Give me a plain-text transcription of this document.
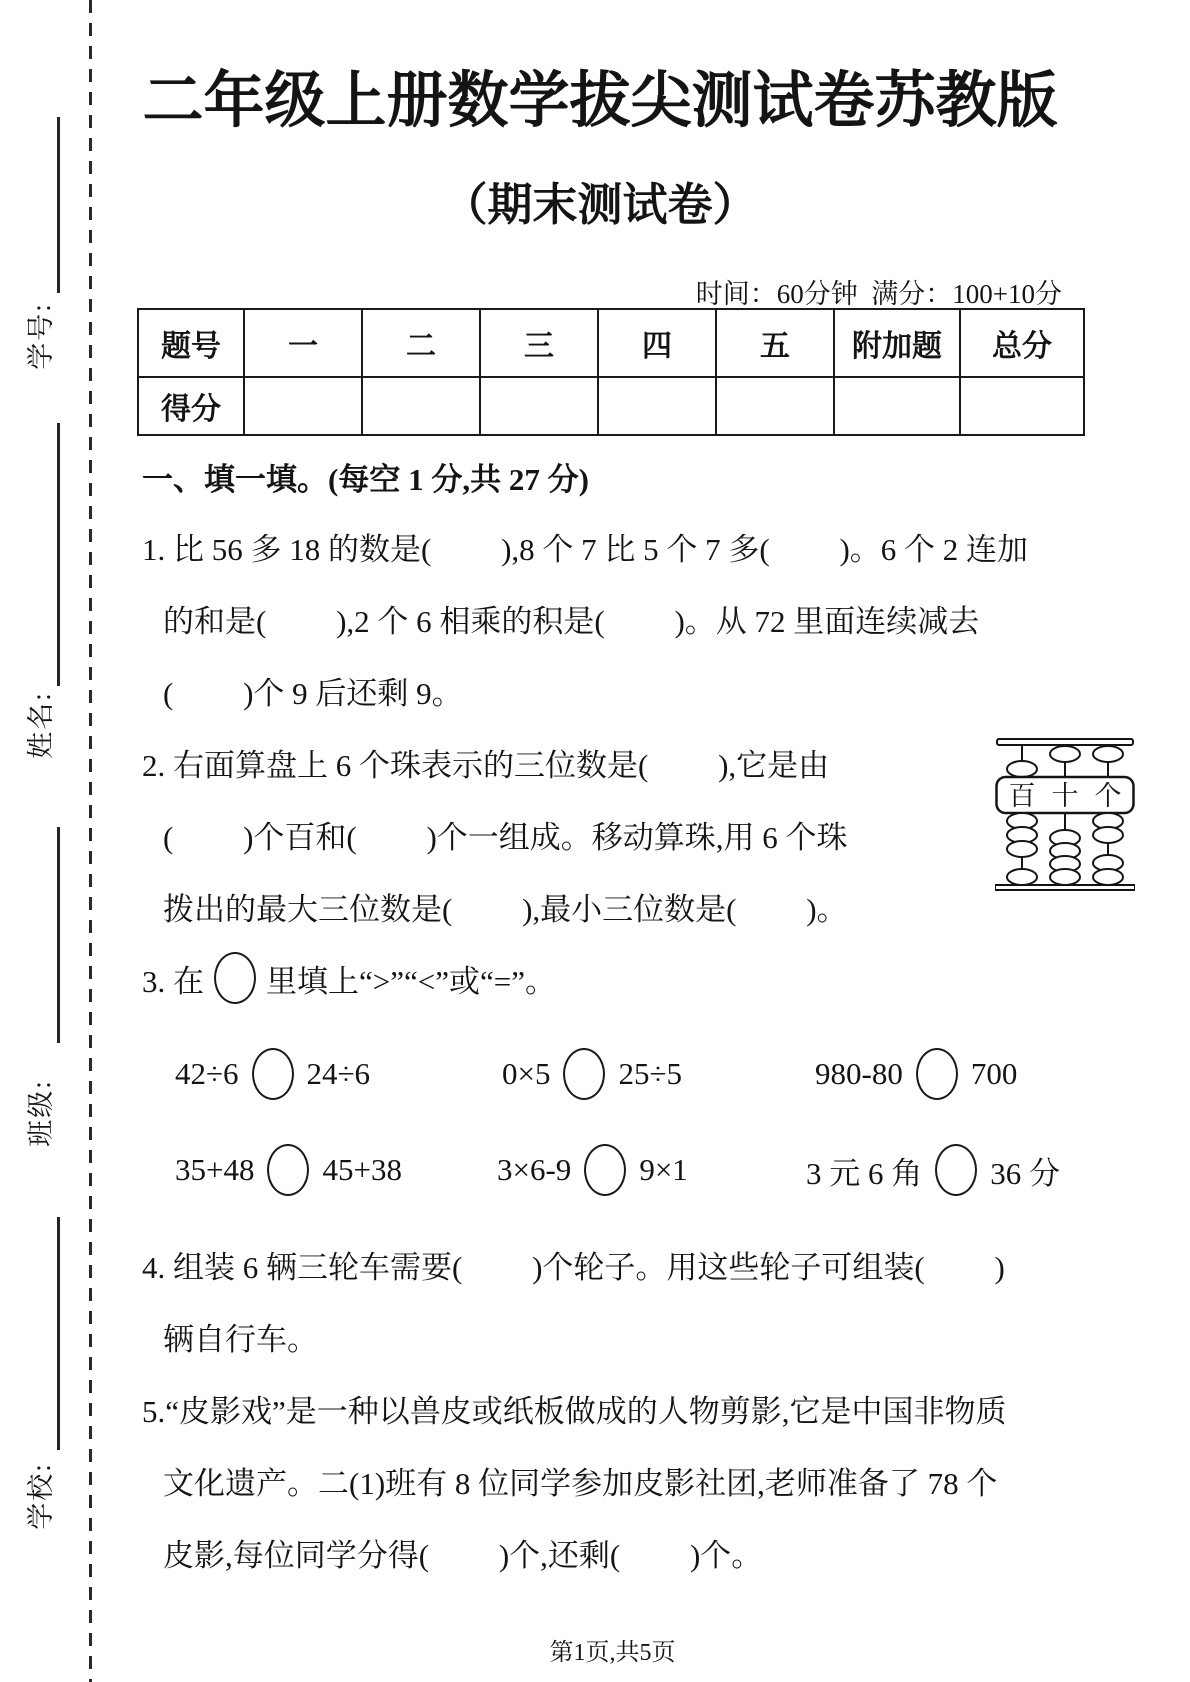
学号:
姓名:
班级:
学校:
二年级上册数学拔尖测试卷苏教版
（期末测试卷）
时间：60分钟  满分：100+10分
题号	一	二	三	四	五	附加题	总分
得分							
一、填一填。(每空 1 分,共 27 分)
1. 比 56 多 18 的数是(         ),8 个 7 比 5 个 7 多(         )。6 个 2 连加
的和是(         ),2 个 6 相乘的积是(         )。从 72 里面连续减去
(         )个 9 后还剩 9。
2. 右面算盘上 6 个珠表示的三位数是(         ),它是由
(         )个百和(         )个一组成。移动算珠,用 6 个珠
拨出的最大三位数是(         ),最小三位数是(         )。
百 十 个
3. 在 里填上“>”“<”或“=”。
42÷6 24÷6	0×5 25÷5	980-80 700
35+48 45+38	3×6-9 9×1	3 元 6 角 36 分
4. 组装 6 辆三轮车需要(         )个轮子。用这些轮子可组装(         )
辆自行车。
5.“皮影戏”是一种以兽皮或纸板做成的人物剪影,它是中国非物质
文化遗产。二(1)班有 8 位同学参加皮影社团,老师准备了 78 个
皮影,每位同学分得(         )个,还剩(         )个。
第1页,共5页
